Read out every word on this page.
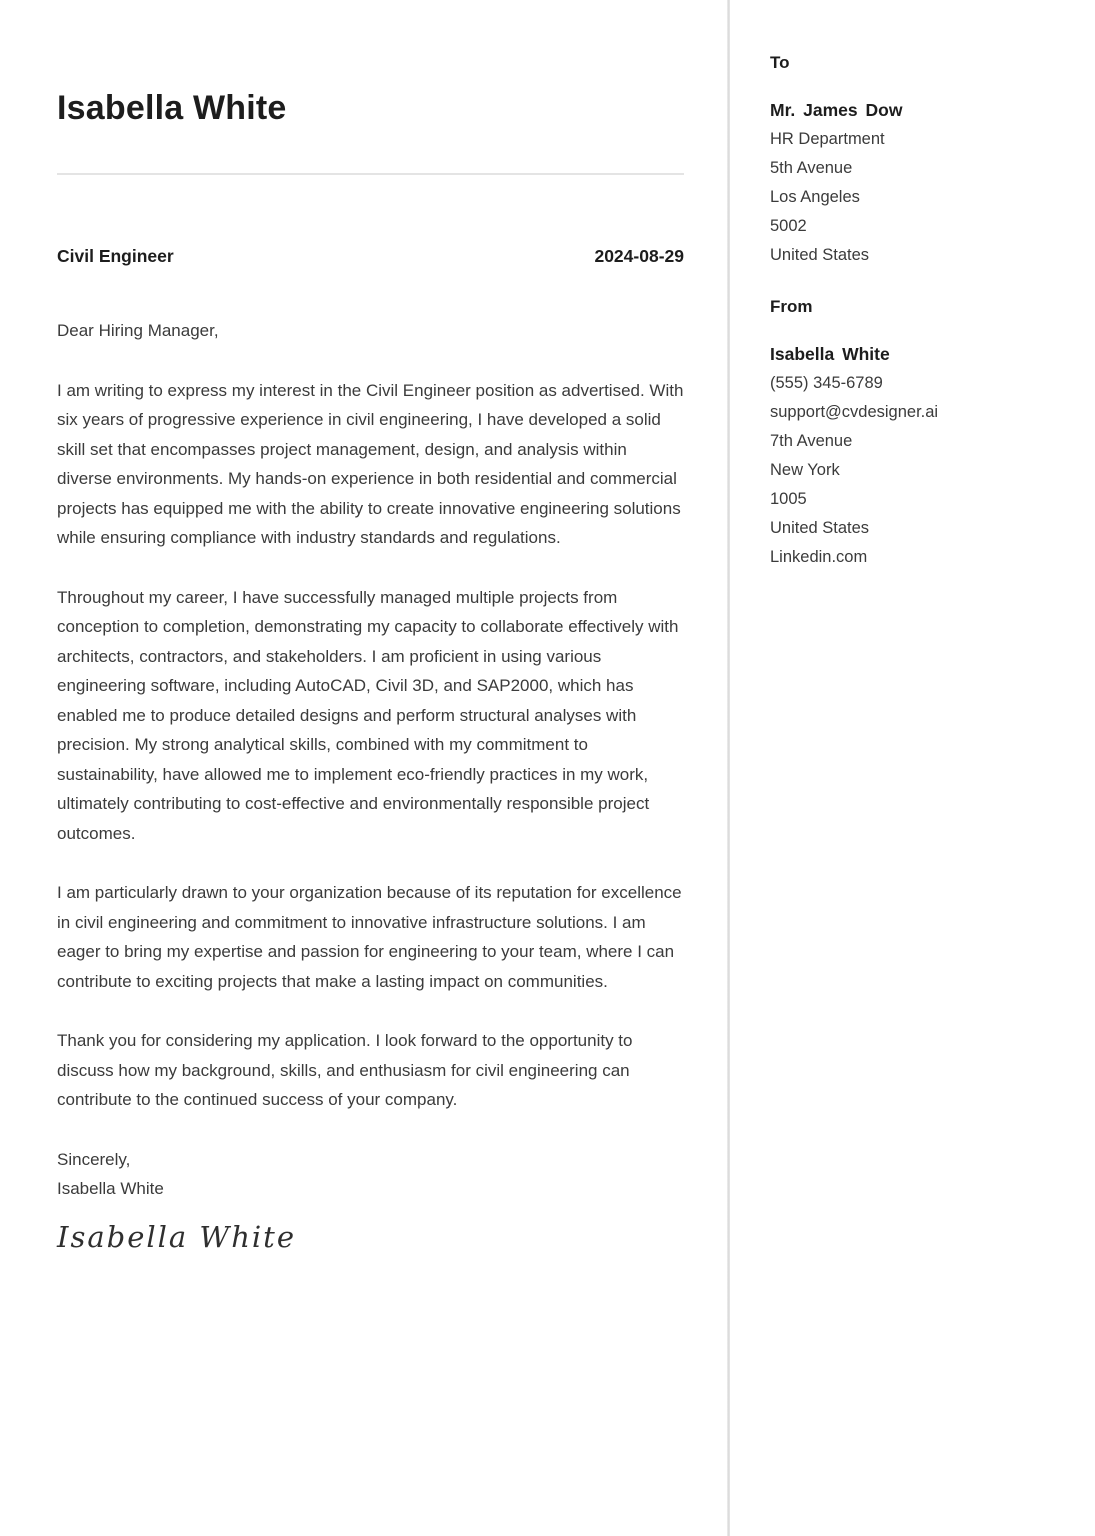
Isabella White
Civil Engineer	2024-08-29
Dear Hiring Manager,

I am writing to express my interest in the Civil Engineer position as advertised. With six years of progressive experience in civil engineering, I have developed a solid skill set that encompasses project management, design, and analysis within diverse environments. My hands-on experience in both residential and commercial projects has equipped me with the ability to create innovative engineering solutions while ensuring compliance with industry standards and regulations.

Throughout my career, I have successfully managed multiple projects from conception to completion, demonstrating my capacity to collaborate effectively with architects, contractors, and stakeholders. I am proficient in using various engineering software, including AutoCAD, Civil 3D, and SAP2000, which has enabled me to produce detailed designs and perform structural analyses with precision. My strong analytical skills, combined with my commitment to sustainability, have allowed me to implement eco-friendly practices in my work, ultimately contributing to cost-effective and environmentally responsible project outcomes.

I am particularly drawn to your organization because of its reputation for excellence in civil engineering and commitment to innovative infrastructure solutions. I am eager to bring my expertise and passion for engineering to your team, where I can contribute to exciting projects that make a lasting impact on communities.

Thank you for considering my application. I look forward to the opportunity to discuss how my background, skills, and enthusiasm for civil engineering can contribute to the continued success of your company.

Sincerely,
Isabella White
Isabella White
To
Mr. James Dow
HR Department
5th Avenue
Los Angeles
5002
United States
From
Isabella White
(555) 345-6789
support@cvdesigner.ai
7th Avenue
New York
1005
United States
Linkedin.com
